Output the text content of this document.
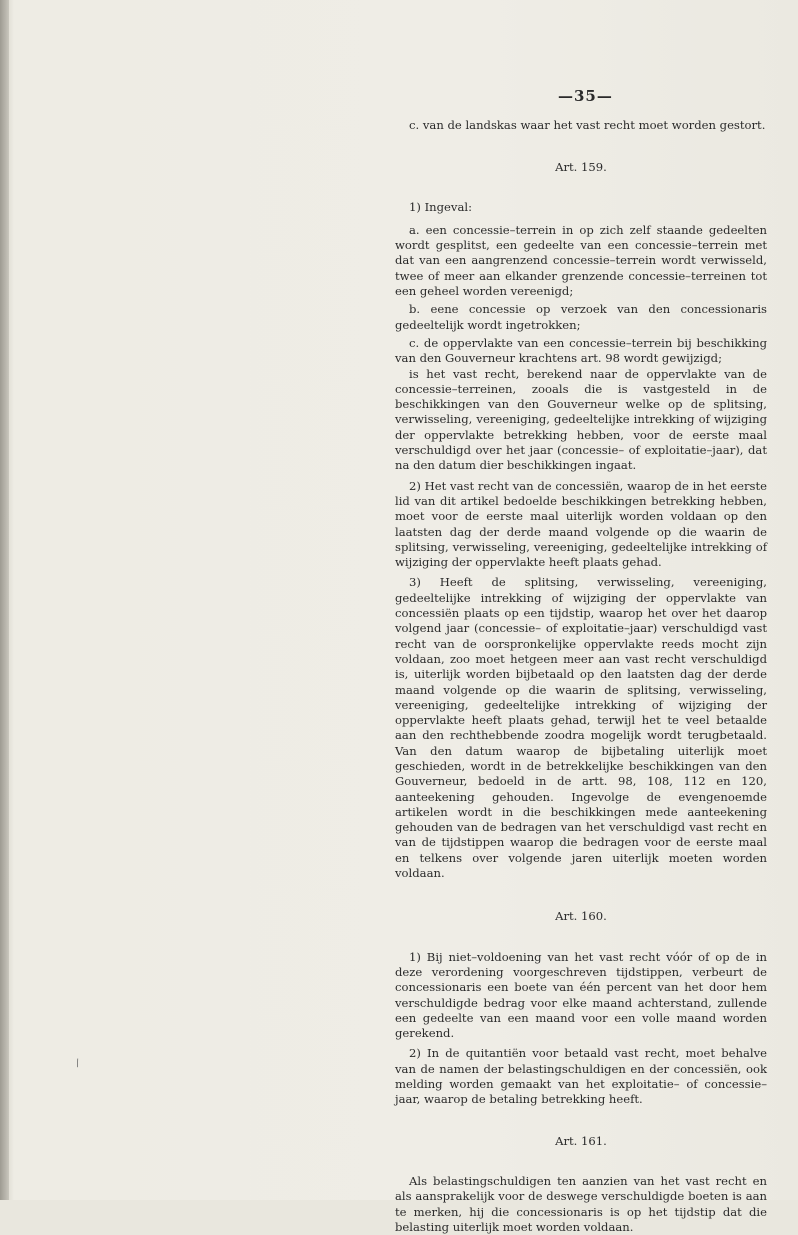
—35—

c. van de landskas waar het vast recht moet worden gestort.

Art. 159.

1) Ingeval:

a. een concessie–terrein in op zich zelf staande gedeelten wordt gesplitst, een gedeelte van een concessie–terrein met dat van een aangrenzend concessie–terrein wordt verwisseld, twee of meer aan elkander grenzende concessie–terreinen tot een geheel worden vereenigd;

b. eene concessie op verzoek van den concessionaris gedeeltelijk wordt ingetrokken;

c. de oppervlakte van een concessie–terrein bij beschikking van den Gouverneur krachtens art. 98 wordt gewijzigd;

is het vast recht, berekend naar de oppervlakte van de concessie–terreinen, zooals die is vastgesteld in de beschikkingen van den Gouverneur welke op de splitsing, verwisseling, vereeniging, gedeeltelijke intrekking of wijziging der oppervlakte betrekking hebben, voor de eerste maal verschuldigd over het jaar (concessie– of exploitatie–jaar), dat na den datum dier beschikkingen ingaat.

2) Het vast recht van de concessiën, waarop de in het eerste lid van dit artikel bedoelde beschikkingen betrekking hebben, moet voor de eerste maal uiterlijk worden voldaan op den laatsten dag der derde maand volgende op die waarin de splitsing, verwisseling, vereeniging, gedeeltelijke intrekking of wijziging der oppervlakte heeft plaats gehad.

3) Heeft de splitsing, verwisseling, vereeniging, gedeeltelijke intrekking of wijziging der oppervlakte van concessiën plaats op een tijdstip, waarop het over het daarop volgend jaar (concessie– of exploitatie–jaar) verschuldigd vast recht van de oorspronkelijke oppervlakte reeds mocht zijn voldaan, zoo moet hetgeen meer aan vast recht verschuldigd is, uiterlijk worden bijbetaald op den laatsten dag der derde maand volgende op die waarin de splitsing, verwisseling, vereeniging, gedeeltelijke intrekking of wijziging der oppervlakte heeft plaats gehad, terwijl het te veel betaalde aan den rechthebbende zoodra mogelijk wordt terugbetaald. Van den datum waarop de bijbetaling uiterlijk moet geschieden, wordt in de betrekkelijke beschikkingen van den Gouverneur, bedoeld in de artt. 98, 108, 112 en 120, aanteekening gehouden. Ingevolge de evengenoemde artikelen wordt in die beschikkingen mede aanteekening gehouden van de bedragen van het verschuldigd vast recht en van de tijdstippen waarop die bedragen voor de eerste maal en telkens over volgende jaren uiterlijk moeten worden voldaan.

Art. 160.

1) Bij niet–voldoening van het vast recht vóór of op de in deze verordening voorgeschreven tijdstippen, verbeurt de concessionaris een boete van één percent van het door hem verschuldigde bedrag voor elke maand achterstand, zullende een gedeelte van een maand voor een volle maand worden gerekend.

2) In de quitantiën voor betaald vast recht, moet behalve van de namen der belastingschuldigen en der concessiën, ook melding worden gemaakt van het exploitatie– of concessie–jaar, waarop de betaling betrekking heeft.

Art. 161.

Als belastingschuldigen ten aanzien van het vast recht en als aansprakelijk voor de deswege verschuldigde boeten is aan te merken, hij die concessionaris is op het tijdstip dat die belasting uiterlijk moet worden voldaan.

/
